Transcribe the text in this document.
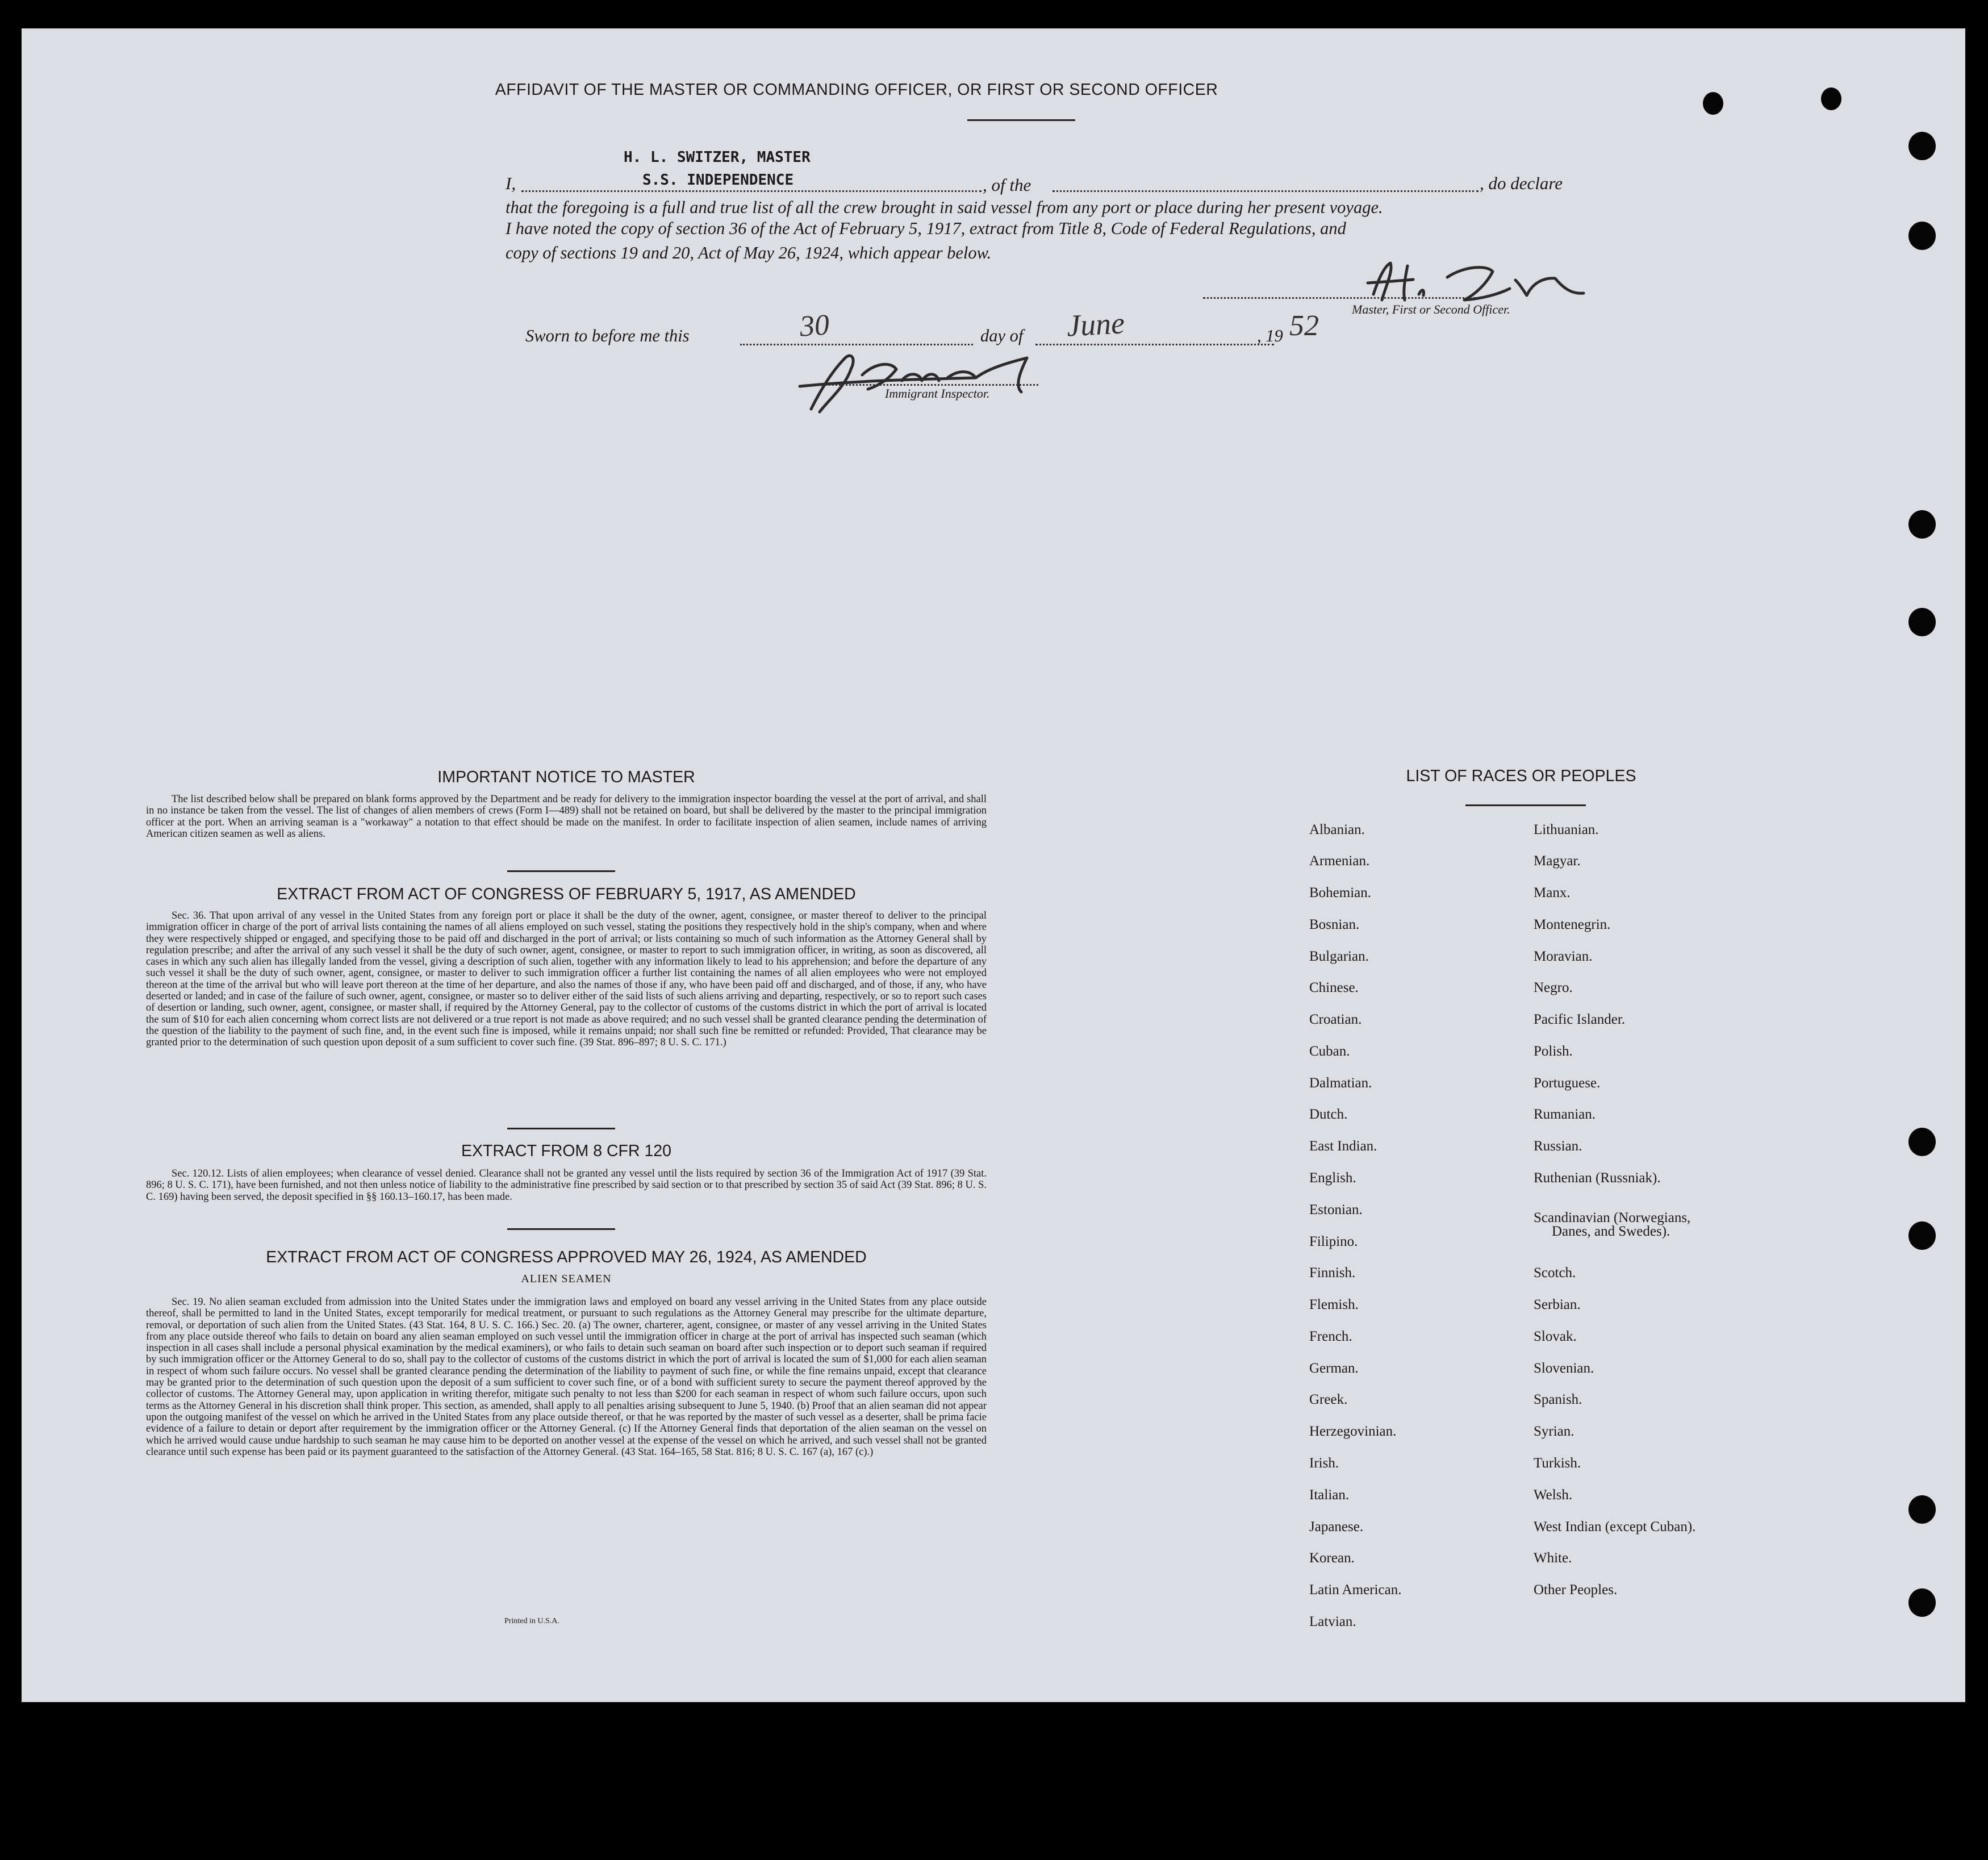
AFFIDAVIT OF THE MASTER OR COMMANDING OFFICER, OR FIRST OR SECOND OFFICER
I,
H. L. SWITZER, MASTER
S.S. INDEPENDENCE	, of the	, do declare
that the foregoing is a full and true list of all the crew brought in said vessel from any port or place during her present voyage.
I have noted the copy of section 36 of the Act of February 5, 1917, extract from Title 8, Code of Federal Regulations, and
copy of sections 19 and 20, Act of May 26, 1924, which appear below.
Master, First or Second Officer.
Sworn to before me this	30	day of June	, 19 52
Immigrant Inspector.
IMPORTANT NOTICE TO MASTER

The list described below shall be prepared on blank forms approved by the Department and be ready for delivery to the immigration inspector boarding the vessel at the port of arrival, and shall in no instance be taken from the vessel. The list of changes of alien members of crews (Form I—489) shall not be retained on board, but shall be delivered by the master to the principal immigration officer at the port. When an arriving seaman is a "workaway" a notation to that effect should be made on the manifest. In order to facilitate inspection of alien seamen, include names of arriving American citizen seamen as well as aliens.

EXTRACT FROM ACT OF CONGRESS OF FEBRUARY 5, 1917, AS AMENDED

Sec. 36. That upon arrival of any vessel in the United States from any foreign port or place it shall be the duty of the owner, agent, consignee, or master thereof to deliver to the principal immigration officer in charge of the port of arrival lists containing the names of all aliens employed on such vessel, stating the positions they respectively hold in the ship's company, when and where they were respectively shipped or engaged, and specifying those to be paid off and discharged in the port of arrival; or lists containing so much of such information as the Attorney General shall by regulation prescribe; and after the arrival of any such vessel it shall be the duty of such owner, agent, consignee, or master to report to such immigration officer, in writing, as soon as discovered, all cases in which any such alien has illegally landed from the vessel, giving a description of such alien, together with any information likely to lead to his apprehension; and before the departure of any such vessel it shall be the duty of such owner, agent, consignee, or master to deliver to such immigration officer a further list containing the names of all alien employees who were not employed thereon at the time of the arrival but who will leave port thereon at the time of her departure, and also the names of those if any, who have been paid off and discharged, and of those, if any, who have deserted or landed; and in case of the failure of such owner, agent, consignee, or master so to deliver either of the said lists of such aliens arriving and departing, respectively, or so to report such cases of desertion or landing, such owner, agent, consignee, or master shall, if required by the Attorney General, pay to the collector of customs of the customs district in which the port of arrival is located the sum of $10 for each alien concerning whom correct lists are not delivered or a true report is not made as above required; and no such vessel shall be granted clearance pending the determination of the question of the liability to the payment of such fine, and, in the event such fine is imposed, while it remains unpaid; nor shall such fine be remitted or refunded: Provided, That clearance may be granted prior to the determination of such question upon deposit of a sum sufficient to cover such fine. (39 Stat. 896–897; 8 U. S. C. 171.)

EXTRACT FROM 8 CFR 120

Sec. 120.12. Lists of alien employees; when clearance of vessel denied. Clearance shall not be granted any vessel until the lists required by section 36 of the Immigration Act of 1917 (39 Stat. 896; 8 U. S. C. 171), have been furnished, and not then unless notice of liability to the administrative fine prescribed by said section or to that prescribed by section 35 of said Act (39 Stat. 896; 8 U. S. C. 169) having been served, the deposit specified in §§ 160.13–160.17, has been made.

EXTRACT FROM ACT OF CONGRESS APPROVED MAY 26, 1924, AS AMENDED
ALIEN SEAMEN

Sec. 19. No alien seaman excluded from admission into the United States under the immigration laws and employed on board any vessel arriving in the United States from any place outside thereof, shall be permitted to land in the United States, except temporarily for medical treatment, or pursuant to such regulations as the Attorney General may prescribe for the ultimate departure, removal, or deportation of such alien from the United States. (43 Stat. 164, 8 U. S. C. 166.) Sec. 20. (a) The owner, charterer, agent, consignee, or master of any vessel arriving in the United States from any place outside thereof who fails to detain on board any alien seaman employed on such vessel until the immigration officer in charge at the port of arrival has inspected such seaman (which inspection in all cases shall include a personal physical examination by the medical examiners), or who fails to detain such seaman on board after such inspection or to deport such seaman if required by such immigration officer or the Attorney General to do so, shall pay to the collector of customs of the customs district in which the port of arrival is located the sum of $1,000 for each alien seaman in respect of whom such failure occurs. No vessel shall be granted clearance pending the determination of the liability to payment of such fine, or while the fine remains unpaid, except that clearance may be granted prior to the determination of such question upon the deposit of a sum sufficient to cover such fine, or of a bond with sufficient surety to secure the payment thereof approved by the collector of customs. The Attorney General may, upon application in writing therefor, mitigate such penalty to not less than $200 for each seaman in respect of whom such failure occurs, upon such terms as the Attorney General in his discretion shall think proper. This section, as amended, shall apply to all penalties arising subsequent to June 5, 1940. (b) Proof that an alien seaman did not appear upon the outgoing manifest of the vessel on which he arrived in the United States from any place outside thereof, or that he was reported by the master of such vessel as a deserter, shall be prima facie evidence of a failure to detain or deport after requirement by the immigration officer or the Attorney General. (c) If the Attorney General finds that deportation of the alien seaman on the vessel on which he arrived would cause undue hardship to such seaman he may cause him to be deported on another vessel at the expense of the vessel on which he arrived, and such vessel shall not be granted clearance until such expense has been paid or its payment guaranteed to the satisfaction of the Attorney General. (43 Stat. 164–165, 58 Stat. 816; 8 U. S. C. 167 (a), 167 (c).)

Printed in U.S.A.
LIST OF RACES OR PEOPLES
Albanian.
Armenian.
Bohemian.
Bosnian.
Bulgarian.
Chinese.
Croatian.
Cuban.
Dalmatian.
Dutch.
East Indian.
English.
Estonian.
Filipino.
Finnish.
Flemish.
French.
German.
Greek.
Herzegovinian.
Irish.
Italian.
Japanese.
Korean.
Latin American.
Latvian.
Lithuanian.
Magyar.
Manx.
Montenegrin.
Moravian.
Negro.
Pacific Islander.
Polish.
Portuguese.
Rumanian.
Russian.
Ruthenian (Russniak).
Scandinavian (Norwegians,
Danes, and Swedes).
Scotch.
Serbian.
Slovak.
Slovenian.
Spanish.
Syrian.
Turkish.
Welsh.
West Indian (except Cuban).
White.
Other Peoples.
